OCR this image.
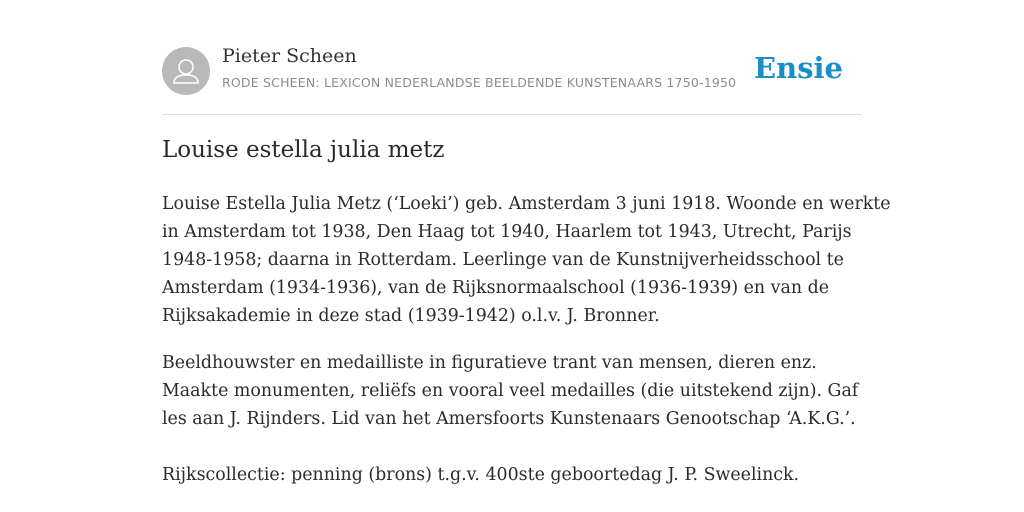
Pieter Scheen
RODE SCHEEN: LEXICON NEDERLANDSE BEELDENDE KUNSTENAARS 1750-1950 Ensie
Louise estella julia metz

Louise Estella Julia Metz (‘Loeki’) geb. Amsterdam 3 juni 1918. Woonde en werkte
in Amsterdam tot 1938, Den Haag tot 1940, Haarlem tot 1943, Utrecht, Parijs
1948-1958; daarna in Rotterdam. Leerlinge van de Kunstnijverheidsschool te
Amsterdam (1934-1936), van de Rijksnormaalschool (1936-1939) en van de
Rijksakademie in deze stad (1939-1942) o.l.v. J. Bronner.

Beeldhouwster en medailliste in figuratieve trant van mensen, dieren enz.
Maakte monumenten, reliëfs en vooral veel medailles (die uitstekend zijn). Gaf
les aan J. Rijnders. Lid van het Amersfoorts Kunstenaars Genootschap ‘A.K.G.’.
Rijkscollectie: penning (brons) t.g.v. 400ste geboortedag J. P. Sweelinck.
